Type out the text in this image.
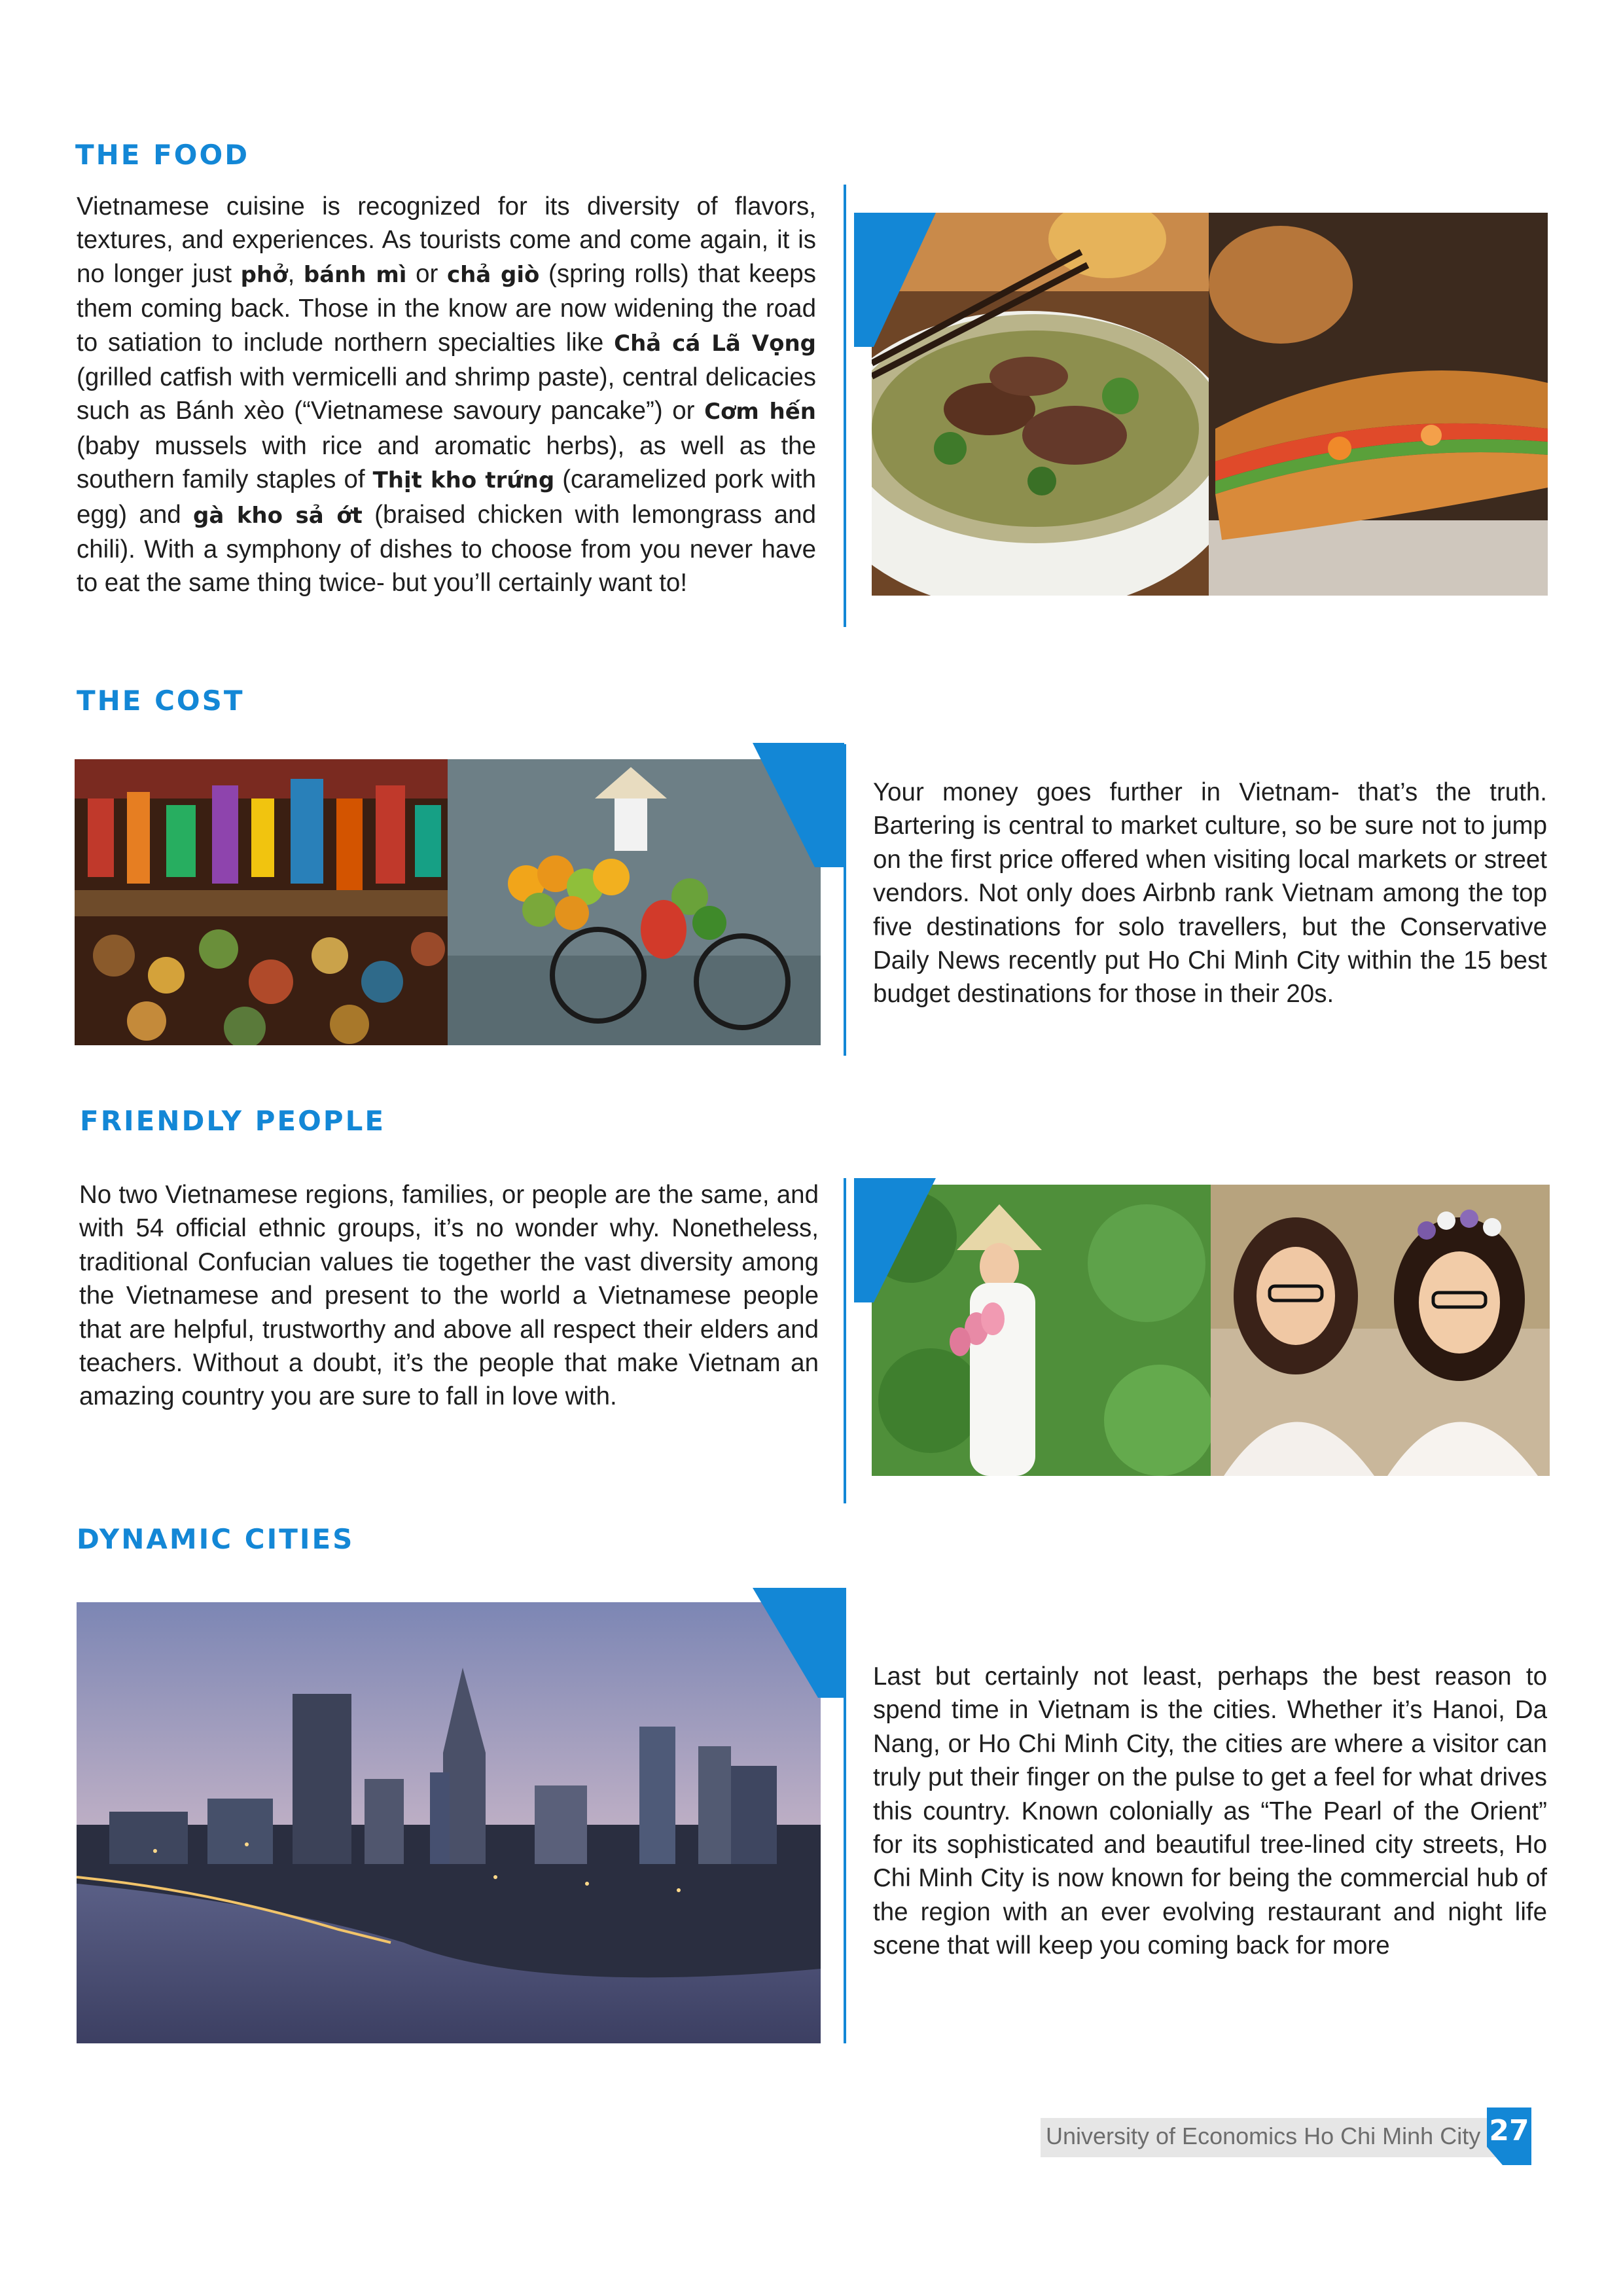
THE FOOD

Vietnamese cuisine is recognized for its diversity of flavors, textures, and experiences. As tourists come and come again, it is no longer just phở, bánh mì or chả giò (spring rolls) that keeps them coming back. Those in the know are now widening the road to satiation to include northern specialties like Chả cá Lã Vọng (grilled catfish with vermicelli and shrimp paste), central delicacies such as Bánh xèo (“Vietnamese savoury pancake”) or Cơm hến (baby mussels with rice and aromatic herbs), as well as the southern family staples of Thịt kho trứng (caramelized pork with egg) and gà kho sả ớt (braised chicken with lemongrass and chili). With a symphony of dishes to choose from you never have to eat the same thing twice- but you’ll certainly want to!

THE COST

Your money goes further in Vietnam- that’s the truth. Bartering is central to market culture, so be sure not to jump on the first price offered when visiting local markets or street vendors. Not only does Airbnb rank Vietnam among the top five destinations for solo travellers, but the Conservative Daily News recently put Ho Chi Minh City within the 15 best budget destinations for those in their 20s.

FRIENDLY PEOPLE

No two Vietnamese regions, families, or people are the same, and with 54 official ethnic groups, it’s no wonder why. Nonetheless, traditional Confucian values tie together the vast diversity among the Vietnamese and present to the world a Vietnamese people that are helpful, trustworthy and above all respect their elders and teachers. Without a doubt, it’s the people that make Vietnam an amazing country you are sure to fall in love with.

DYNAMIC CITIES

Last but certainly not least, perhaps the best reason to spend time in Vietnam is the cities. Whether it’s Hanoi, Da Nang, or Ho Chi Minh City, the cities are where a visitor can truly put their finger on the pulse to get a feel for what drives this country. Known colonially as “The Pearl of the Orient” for its sophisticated and beautiful tree-lined city streets, Ho Chi Minh City is now known for being the commercial hub of the region with an ever evolving restaurant and night life scene that will keep you coming back for more

University of Economics Ho Chi Minh City 27
